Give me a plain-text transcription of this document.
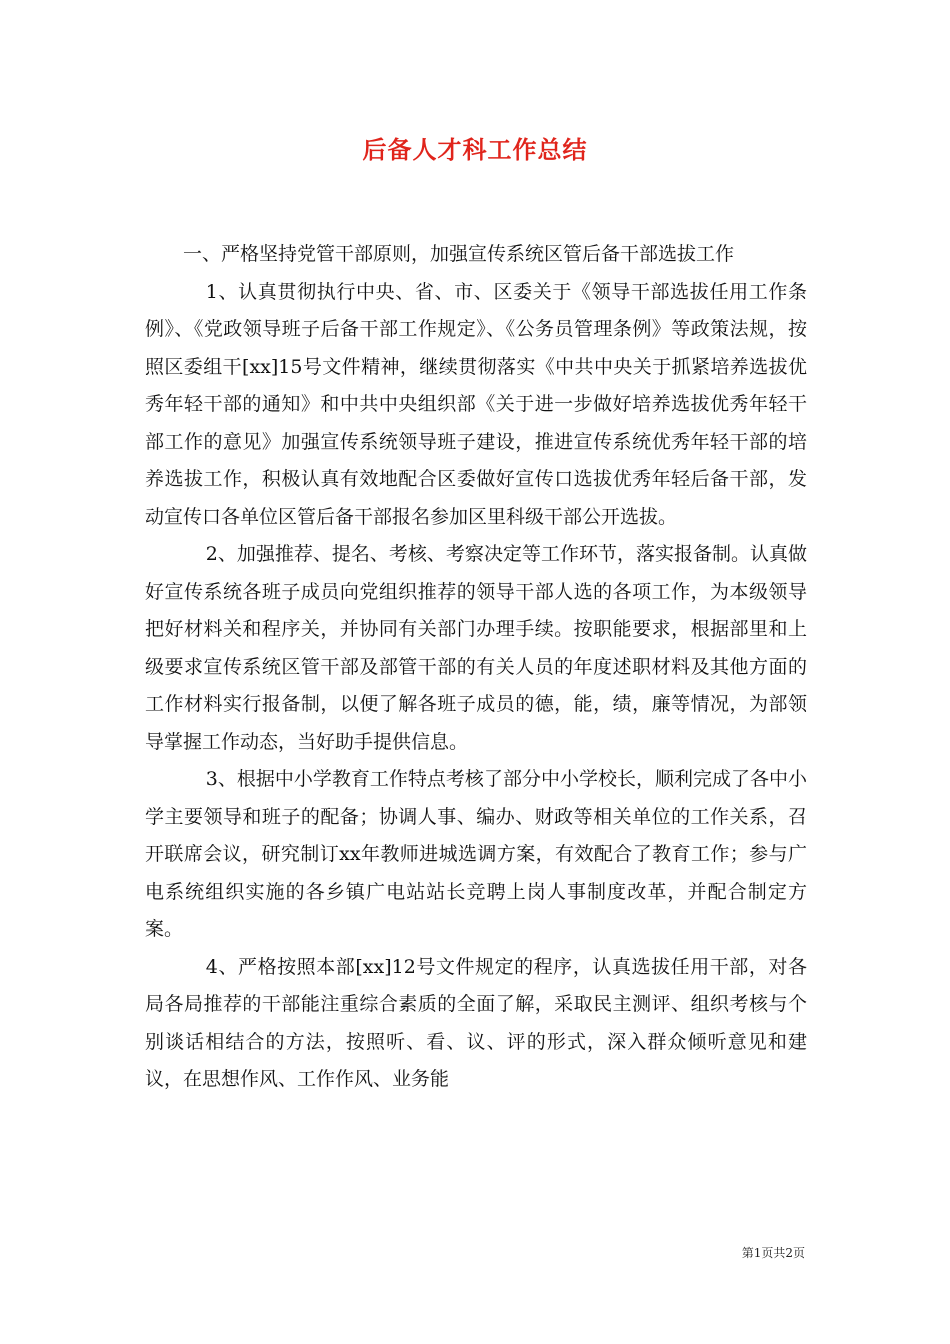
后备人才科工作总结

一、严格坚持党管干部原则，加强宣传系统区管后备干部选拔工作

1、认真贯彻执行中央、省、市、区委关于《领导干部选拔任用工作条例》、《党政领导班子后备干部工作规定》、《公务员管理条例》等政策法规，按照区委组干[xx]15号文件精神，继续贯彻落实《中共中央关于抓紧培养选拔优秀年轻干部的通知》和中共中央组织部《关于进一步做好培养选拔优秀年轻干部工作的意见》加强宣传系统领导班子建设，推进宣传系统优秀年轻干部的培养选拔工作，积极认真有效地配合区委做好宣传口选拔优秀年轻后备干部，发动宣传口各单位区管后备干部报名参加区里科级干部公开选拔。

2、加强推荐、提名、考核、考察决定等工作环节，落实报备制。认真做好宣传系统各班子成员向党组织推荐的领导干部人选的各项工作，为本级领导把好材料关和程序关，并协同有关部门办理手续。按职能要求，根据部里和上级要求宣传系统区管干部及部管干部的有关人员的年度述职材料及其他方面的工作材料实行报备制，以便了解各班子成员的德，能，绩，廉等情况，为部领导掌握工作动态，当好助手提供信息。

3、根据中小学教育工作特点考核了部分中小学校长，顺利完成了各中小学主要领导和班子的配备；协调人事、编办、财政等相关单位的工作关系，召开联席会议，研究制订xx年教师进城选调方案，有效配合了教育工作；参与广电系统组织实施的各乡镇广电站站长竞聘上岗人事制度改革，并配合制定方案。

4、严格按照本部[xx]12号文件规定的程序，认真选拔任用干部，对各局各局推荐的干部能注重综合素质的全面了解，采取民主测评、组织考核与个别谈话相结合的方法，按照听、看、议、评的形式，深入群众倾听意见和建议，在思想作风、工作作风、业务能

第1页共2页
